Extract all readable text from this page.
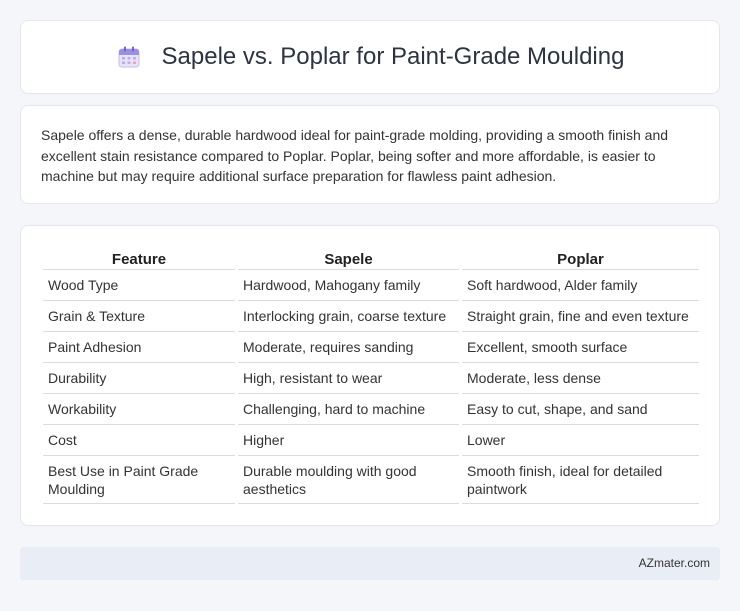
Sapele vs. Poplar for Paint-Grade Moulding

Sapele offers a dense, durable hardwood ideal for paint-grade molding, providing a smooth finish and excellent stain resistance compared to Poplar. Poplar, being softer and more affordable, is easier to machine but may require additional surface preparation for flawless paint adhesion.

Feature	Sapele	Poplar
Wood Type	Hardwood, Mahogany family	Soft hardwood, Alder family
Grain & Texture	Interlocking grain, coarse texture	Straight grain, fine and even texture
Paint Adhesion	Moderate, requires sanding	Excellent, smooth surface
Durability	High, resistant to wear	Moderate, less dense
Workability	Challenging, hard to machine	Easy to cut, shape, and sand
Cost	Higher	Lower
Best Use in Paint Grade Moulding	Durable moulding with good aesthetics	Smooth finish, ideal for detailed paintwork
AZmater.com
